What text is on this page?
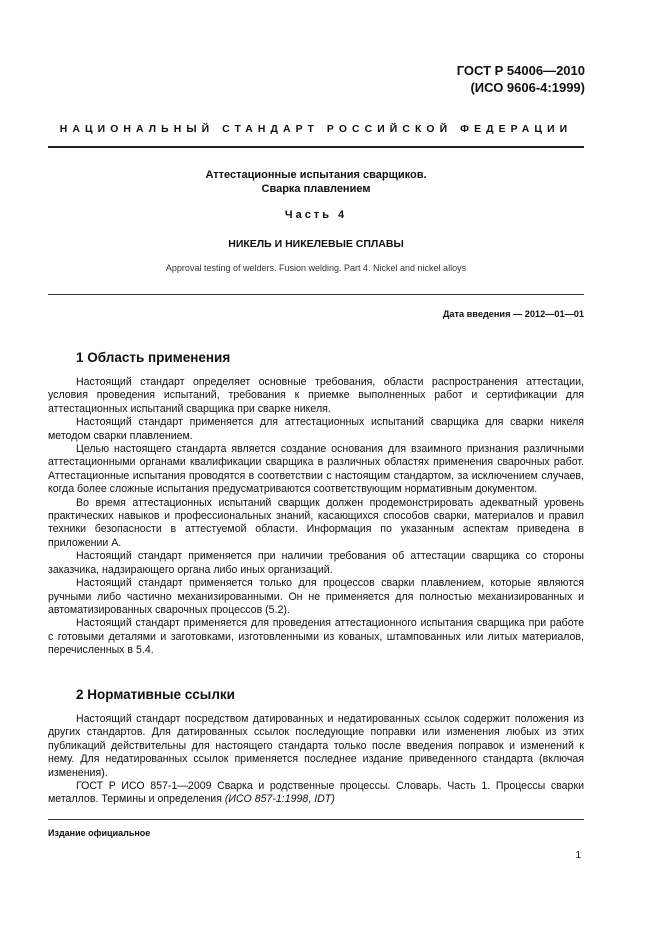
ГОСТ Р 54006—2010
(ИСО 9606-4:1999)
НАЦИОНАЛЬНЫЙ СТАНДАРТ РОССИЙСКОЙ ФЕДЕРАЦИИ
Аттестационные испытания сварщиков.
Сварка плавлением
Часть 4
НИКЕЛЬ И НИКЕЛЕВЫЕ СПЛАВЫ
Approval testing of welders. Fusion welding. Part 4. Nickel and nickel alloys
Дата введения — 2012—01—01
1 Область применения

Настоящий стандарт определяет основные требования, области распространения аттестации, условия проведения испытаний, требования к приемке выполненных работ и сертификации для аттестационных испытаний сварщика при сварке никеля.

Настоящий стандарт применяется для аттестационных испытаний сварщика для сварки никеля методом сварки плавлением.

Целью настоящего стандарта является создание основания для взаимного признания различными аттестационными органами квалификации сварщика в различных областях применения сварочных работ. Аттестационные испытания проводятся в соответствии с настоящим стандартом, за исключением случаев, когда более сложные испытания предусматриваются соответствующим нормативным документом.

Во время аттестационных испытаний сварщик должен продемонстрировать адекватный уровень практических навыков и профессиональных знаний, касающихся способов сварки, материалов и правил техники безопасности в аттестуемой области. Информация по указанным аспектам приведена в приложении А.

Настоящий стандарт применяется при наличии требования об аттестации сварщика со стороны заказчика, надзирающего органа либо иных организаций.

Настоящий стандарт применяется только для процессов сварки плавлением, которые являются ручными либо частично механизированными. Он не применяется для полностью механизированных и автоматизированных сварочных процессов (5.2).

Настоящий стандарт применяется для проведения аттестационного испытания сварщика при работе с готовыми деталями и заготовками, изготовленными из кованых, штампованных или литых материалов, перечисленных в 5.4.

2 Нормативные ссылки

Настоящий стандарт посредством датированных и недатированных ссылок содержит положения из других стандартов. Для датированных ссылок последующие поправки или изменения любых из этих публикаций действительны для настоящего стандарта только после введения поправок и изменений к нему. Для недатированных ссылок применяется последнее издание приведенного стандарта (включая изменения).

ГОСТ Р ИСО 857-1—2009 Сварка и родственные процессы. Словарь. Часть 1. Процессы сварки металлов. Термины и определения (ИСО 857-1:1998, IDT)

Издание официальное
1
